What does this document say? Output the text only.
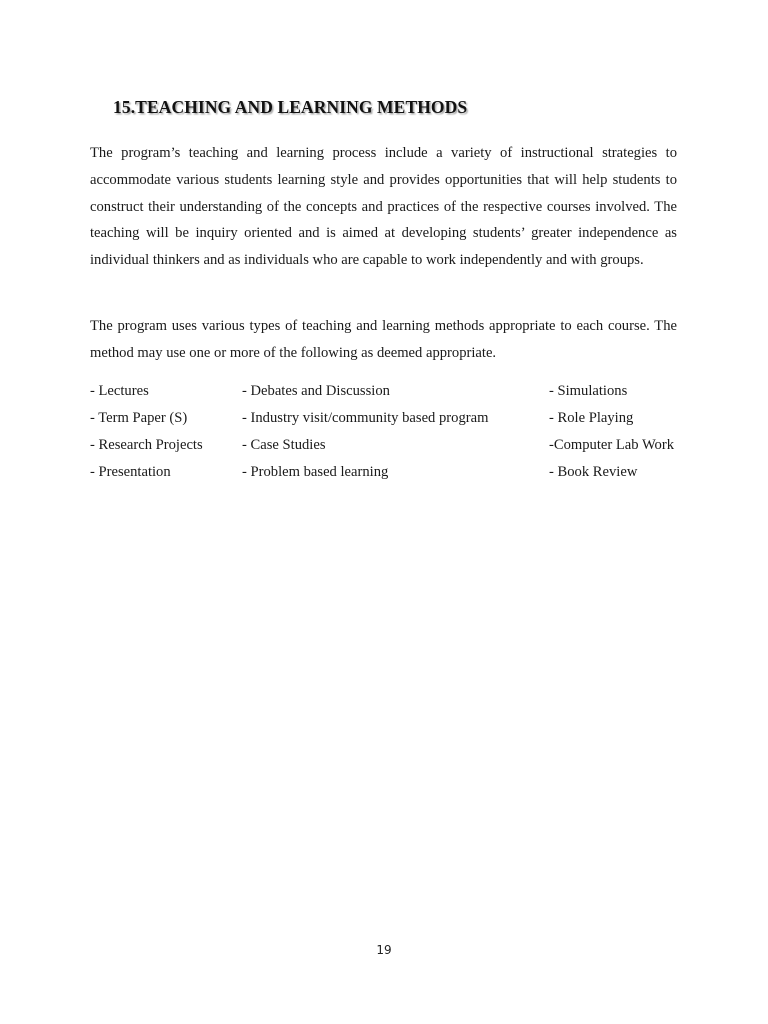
15.TEACHING AND LEARNING METHODS

The program’s teaching and learning process include a variety of instructional strategies to accommodate various students learning style and provides opportunities that will help students to construct their understanding of the concepts and practices of the respective courses involved. The teaching will be inquiry oriented and is aimed at developing students’ greater independence as individual thinkers and as individuals who are capable to work independently and with groups.

The program uses various types of teaching and learning methods appropriate to each course. The method may use one or more of the following as deemed appropriate.

- Lectures	- Debates and Discussion	- Simulations
- Term Paper (S)	- Industry visit/community based program	- Role Playing
- Research Projects	- Case Studies	-Computer Lab Work
- Presentation	- Problem based learning	- Book Review
19
